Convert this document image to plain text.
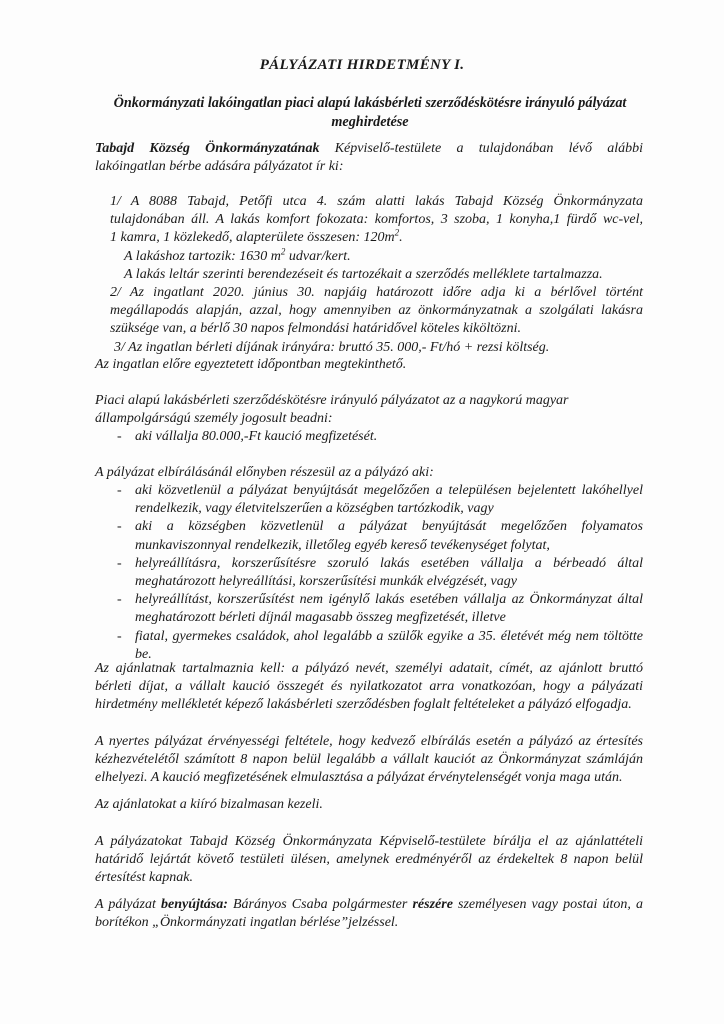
PÁLYÁZATI HIRDETMÉNY I.
Önkormányzati lakóingatlan piaci alapú lakásbérleti szerződéskötésre irányuló pályázat meghirdetése
Tabajd Község Önkormányzatának Képviselő-testülete a tulajdonában lévő alábbi
lakóingatlan bérbe adására pályázatot ír ki:
1/ A 8088 Tabajd, Petőfi utca 4. szám alatti lakás Tabajd Község Önkormányzata
tulajdonában áll. A lakás komfort fokozata: komfortos, 3 szoba, 1 konyha,1 fürdő wc-vel,
1 kamra, 1 közlekedő, alapterülete összesen: $120m^2$.
A lakáshoz tartozik: 1630 $m^2$ udvar/kert.
A lakás leltár szerinti berendezéseit és tartozékait a szerződés melléklete tartalmazza.
2/ Az ingatlant 2020. június 30. napjáig határozott időre adja ki a bérlővel történt
megállapodás alapján, azzal, hogy amennyiben az önkormányzatnak a szolgálati lakásra
szüksége van, a bérlő 30 napos felmondási határidővel köteles kiköltözni.
3/ Az ingatlan bérleti díjának irányára: bruttó 35. 000,- Ft/hó + rezsi költség.
Az ingatlan előre egyeztetett időpontban megtekinthető.
Piaci alapú lakásbérleti szerződéskötésre irányuló pályázatot az a nagykorú magyar
állampolgárságú személy jogosult beadni:
- aki vállalja 80.000,-Ft kaució megfizetését.
A pályázat elbírálásánál előnyben részesül az a pályázó aki:
- aki közvetlenül a pályázat benyújtását megelőzően a településen bejelentett lakóhellyel rendelkezik, vagy életvitelszerűen a községben tartózkodik, vagy
- aki a községben közvetlenül a pályázat benyújtását megelőzően folyamatos munkaviszonnyal rendelkezik, illetőleg egyéb kereső tevékenységet folytat,
- helyreállításra, korszerűsítésre szoruló lakás esetében vállalja a bérbeadó által meghatározott helyreállítási, korszerűsítési munkák elvégzését, vagy
- helyreállítást, korszerűsítést nem igénylő lakás esetében vállalja az Önkormányzat által meghatározott bérleti díjnál magasabb összeg megfizetését, illetve
- fiatal, gyermekes családok, ahol legalább a szülők egyike a 35. életévét még nem töltötte be.
Az ajánlatnak tartalmaznia kell: a pályázó nevét, személyi adatait, címét, az ajánlott bruttó bérleti díjat, a vállalt kaució összegét és nyilatkozatot arra vonatkozóan, hogy a pályázati hirdetmény mellékletét képező lakásbérleti szerződésben foglalt feltételeket a pályázó elfogadja.
A nyertes pályázat érvényességi feltétele, hogy kedvező elbírálás esetén a pályázó az értesítés kézhezvételétől számított 8 napon belül legalább a vállalt kauciót az Önkormányzat számláján elhelyezi. A kaució megfizetésének elmulasztása a pályázat érvénytelenségét vonja maga után.
Az ajánlatokat a kiíró bizalmasan kezeli.
A pályázatokat Tabajd Község Önkormányzata Képviselő-testülete bírálja el az ajánlattételi határidő lejártát követő testületi ülésen, amelynek eredményéről az érdekeltek 8 napon belül értesítést kapnak.
A pályázat benyújtása: Bárányos Csaba polgármester részére személyesen vagy postai úton, a borítékon „Önkormányzati ingatlan bérlése”jelzéssel.
